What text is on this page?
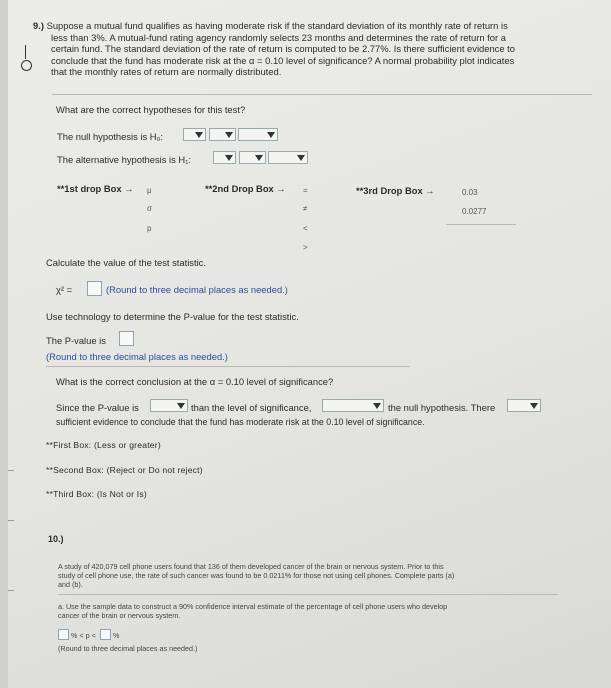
9.) Suppose a mutual fund qualifies as having moderate risk if the standard deviation of its monthly rate of return is
less than 3%. A mutual-fund rating agency randomly selects 23 months and determines the rate of return for a
certain fund. The standard deviation of the rate of return is computed to be 2.77%. Is there sufficient evidence to
conclude that the fund has moderate risk at the α = 0.10 level of significance? A normal probability plot indicates
that the monthly rates of return are normally distributed.
What are the correct hypotheses for this test?
The null hypothesis is H₀:
The alternative hypothesis is H₁:
**1st drop Box → μ
σ
p
**2nd Drop Box → =
≠
<
>
**3rd Drop Box →	0.03
0.0277
Calculate the value of the test statistic.
χ² =	(Round to three decimal places as needed.)
Use technology to determine the P-value for the test statistic.
The P-value is
(Round to three decimal places as needed.)
What is the correct conclusion at the α = 0.10 level of significance?
Since the P-value is	than the level of significance,	the null hypothesis. There
sufficient evidence to conclude that the fund has moderate risk at the 0.10 level of significance.
**First Box: (Less or greater)
**Second Box: (Reject or Do not reject)
**Third Box: (Is Not or Is)
10.)
A study of 420,079 cell phone users found that 136 of them developed cancer of the brain or nervous system. Prior to this
study of cell phone use, the rate of such cancer was found to be 0.0211% for those not using cell phones. Complete parts (a)
and (b).
a. Use the sample data to construct a 90% confidence interval estimate of the percentage of cell phone users who develop
cancer of the brain or nervous system.
% < p < %
(Round to three decimal places as needed.)
